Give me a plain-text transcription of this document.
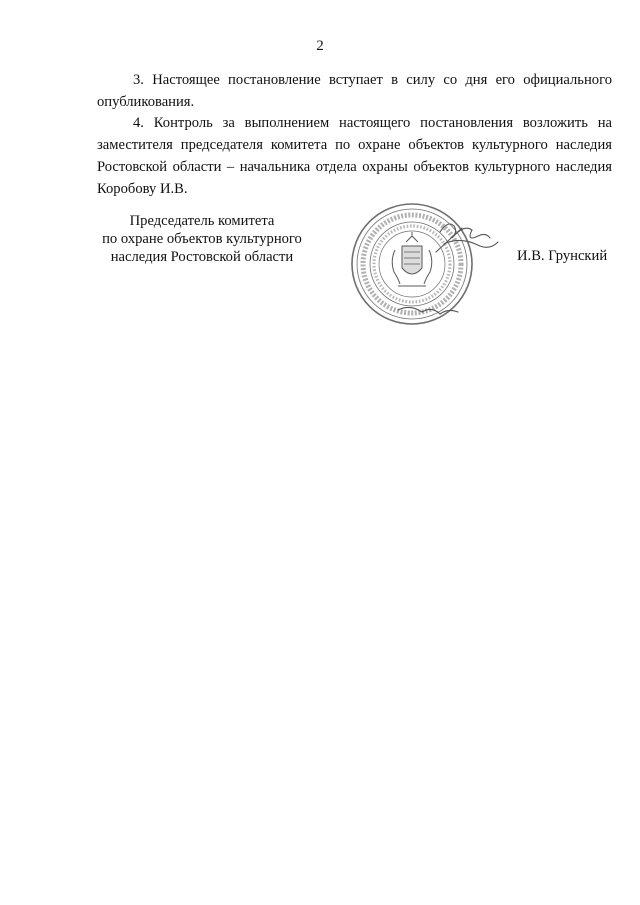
2

3. Настоящее постановление вступает в силу со дня его официального опубликования.

4. Контроль за выполнением настоящего постановления возложить на заместителя председателя комитета по охране объектов культурного наследия Ростовской области – начальника отдела охраны объектов культурного наследия Коробову И.В.

Председатель комитета
по охране объектов культурного
наследия Ростовской области	И.В. Грунский
